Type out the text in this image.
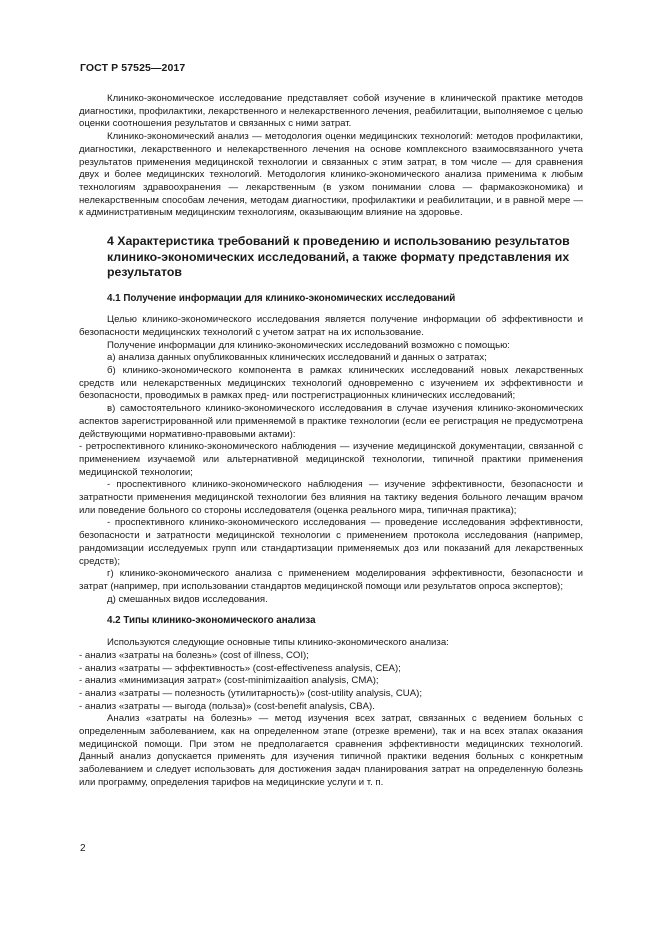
ГОСТ Р 57525—2017

Клинико-экономическое исследование представляет собой изучение в клинической практике методов диагностики, профилактики, лекарственного и нелекарственного лечения, реабилитации, выполняемое с целью оценки соотношения результатов и связанных с ними затрат.

Клинико-экономический анализ — методология оценки медицинских технологий: методов профилактики, диагностики, лекарственного и нелекарственного лечения на основе комплексного взаимосвязанного учета результатов применения медицинской технологии и связанных с этим затрат, в том числе — для сравнения двух и более медицинских технологий. Методология клинико-экономического анализа применима к любым технологиям здравоохранения — лекарственным (в узком понимании слова — фармакоэкономика) и нелекарственным способам лечения, методам диагностики, профилактики и реабилитации, и в равной мере — к административным медицинским технологиям, оказывающим влияние на здоровье.

4 Характеристика требований к проведению и использованию результатов клинико-экономических исследований, а также формату представления их результатов
4.1 Получение информации для клинико-экономических исследований

Целью клинико-экономического исследования является получение информации об эффективности и безопасности медицинских технологий с учетом затрат на их использование.

Получение информации для клинико-экономических исследований возможно с помощью:

а) анализа данных опубликованных клинических исследований и данных о затратах;

б) клинико-экономического компонента в рамках клинических исследований новых лекарственных средств или нелекарственных медицинских технологий одновременно с изучением их эффективности и безопасности, проводимых в рамках пред- или пострегистрационных клинических исследований;

в) самостоятельного клинико-экономического исследования в случае изучения клинико-экономических аспектов зарегистрированной или применяемой в практике технологии (если ее регистрация не предусмотрена действующими нормативно-правовыми актами):

- ретроспективного клинико-экономического наблюдения — изучение медицинской документации, связанной с применением изучаемой или альтернативной медицинской технологии, типичной практики применения медицинской технологии;

- проспективного клинико-экономического наблюдения — изучение эффективности, безопасности и затратности применения медицинской технологии без влияния на тактику ведения больного лечащим врачом или поведение больного со стороны исследователя (оценка реального мира, типичная практика);

- проспективного клинико-экономического исследования — проведение исследования эффективности, безопасности и затратности медицинской технологии с применением протокола исследования (например, рандомизации исследуемых групп или стандартизации применяемых доз или показаний для лекарственных средств);

г) клинико-экономического анализа с применением моделирования эффективности, безопасности и затрат (например, при использовании стандартов медицинской помощи или результатов опроса экспертов);

д) смешанных видов исследования.

4.2 Типы клинико-экономического анализа

Используются следующие основные типы клинико-экономического анализа:

- анализ «затраты на болезнь» (cost of illness, COI);

- анализ «затраты — эффективность» (cost-effectiveness analysis, CEA);

- анализ «минимизация затрат» (cost-minimizaaition analysis, CMA);

- анализ «затраты — полезность (утилитарность)» (cost-utility analysis, CUA);

- анализ «затраты — выгода (польза)» (cost-benefit analysis, CBA).

Анализ «затраты на болезнь» — метод изучения всех затрат, связанных с ведением больных с определенным заболеванием, как на определенном этапе (отрезке времени), так и на всех этапах оказания медицинской помощи. При этом не предполагается сравнения эффективности медицинских технологий. Данный анализ допускается применять для изучения типичной практики ведения больных с конкретным заболеванием и следует использовать для достижения задач планирования затрат на определенную болезнь или программу, определения тарифов на медицинские услуги и т. п.

2
